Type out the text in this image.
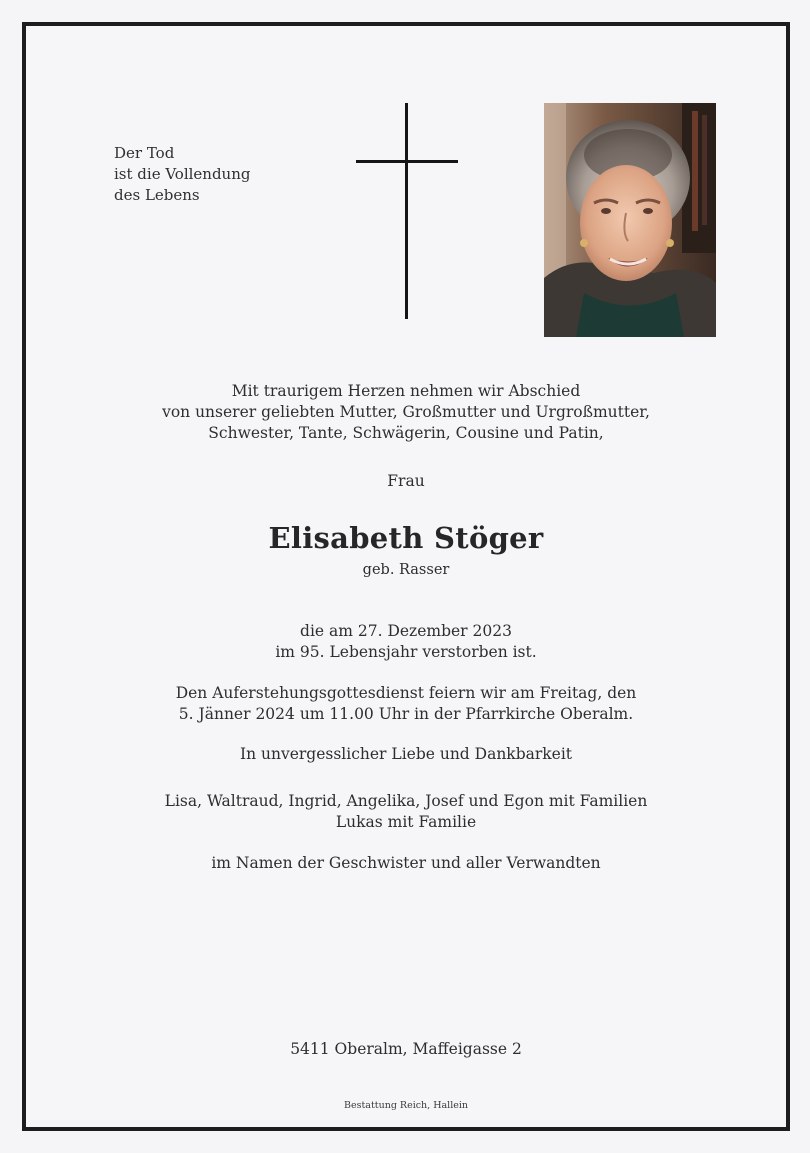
Der Tod
ist die Vollendung
des Lebens
Mit traurigem Herzen nehmen wir Abschied
von unserer geliebten Mutter, Großmutter und Urgroßmutter,
Schwester, Tante, Schwägerin, Cousine und Patin,
Frau
Elisabeth Stöger
geb. Rasser
die am 27. Dezember 2023
im 95. Lebensjahr verstorben ist.
Den Auferstehungsgottesdienst feiern wir am Freitag, den
5. Jänner 2024 um 11.00 Uhr in der Pfarrkirche Oberalm.
In unvergesslicher Liebe und Dankbarkeit
Lisa, Waltraud, Ingrid, Angelika, Josef und Egon mit Familien
Lukas mit Familie
im Namen der Geschwister und aller Verwandten
5411 Oberalm, Maffeigasse 2
Bestattung Reich, Hallein
